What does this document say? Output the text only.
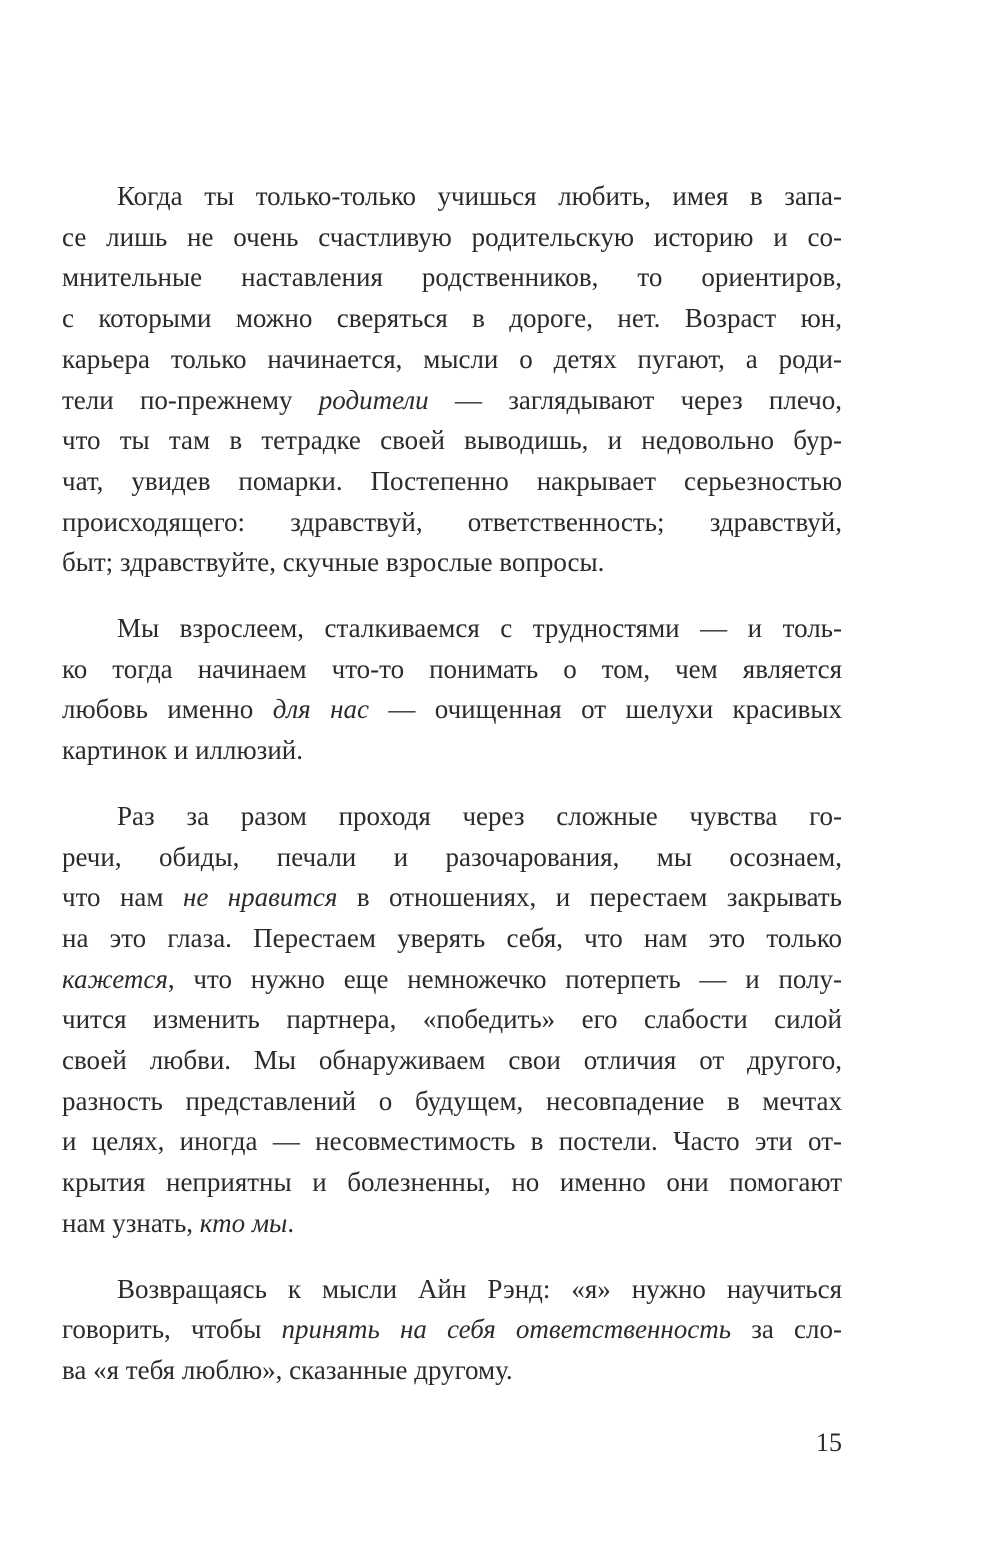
Когда ты только-только учишься любить, имея в запа-
се лишь не очень счастливую родительскую историю и со-
мнительные наставления родственников, то ориентиров,
с которыми можно сверяться в дороге, нет. Возраст юн,
карьера только начинается, мысли о детях пугают, а роди-
тели по-прежнему родители — заглядывают через плечо,
что ты там в тетрадке своей выводишь, и недовольно бур-
чат, увидев помарки. Постепенно накрывает серьезностью
происходящего: здравствуй, ответственность; здравствуй,
быт; здравствуйте, скучные взрослые вопросы.

Мы взрослеем, сталкиваемся с трудностями — и толь-
ко тогда начинаем что-то понимать о том, чем является
любовь именно для нас — очищенная от шелухи красивых
картинок и иллюзий.

Раз за разом проходя через сложные чувства го-
речи, обиды, печали и разочарования, мы осознаем,
что нам не нравится в отношениях, и перестаем закрывать
на это глаза. Перестаем уверять себя, что нам это только
кажется, что нужно еще немножечко потерпеть — и полу-
чится изменить партнера, «победить» его слабости силой
своей любви. Мы обнаруживаем свои отличия от другого,
разность представлений о будущем, несовпадение в мечтах
и целях, иногда — несовместимость в постели. Часто эти от-
крытия неприятны и болезненны, но именно они помогают
нам узнать, кто мы.

Возвращаясь к мысли Айн Рэнд: «я» нужно научиться
говорить, чтобы принять на себя ответственность за сло-
ва «я тебя люблю», сказанные другому.

15
